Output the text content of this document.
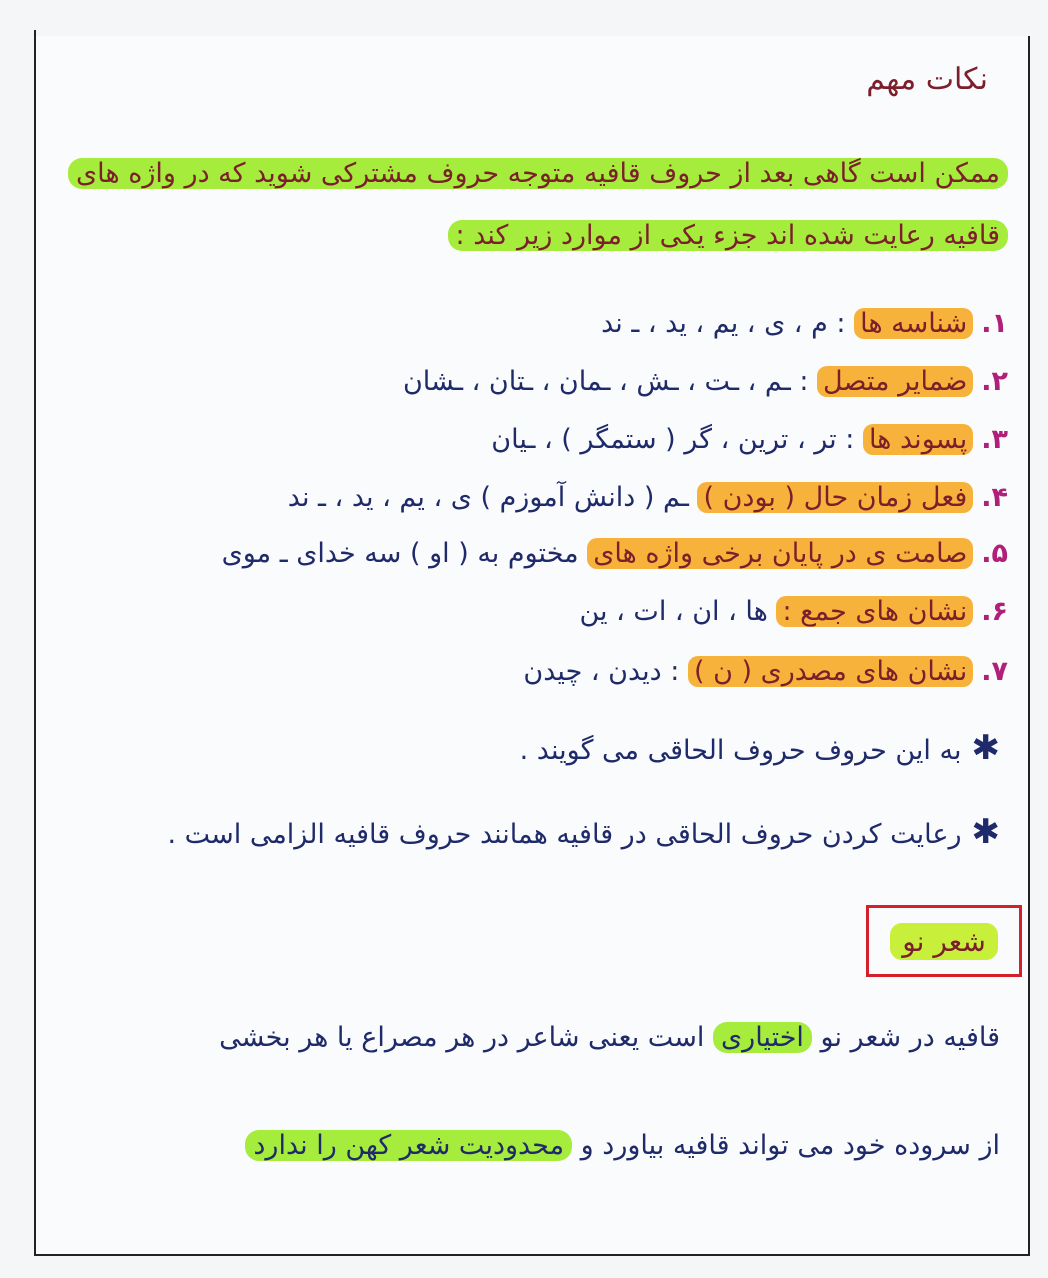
نکات مهم
ممکن است گاهی بعد از حروف قافیه متوجه حروف مشترکی شوید که در واژه های
قافیه رعایت شده اند جزء یکی از موارد زیر کند :
۱.شناسه ها : م ، ی ، یم ، ید ، ـ ند
۲.ضمایر متصل : ـم ، ـت ، ـش ، ـمان ، ـتان ، ـشان
۳.پسوند ها : تر ، ترین ، گر ( ستمگر ) ، ـیان
۴.فعل زمان حال ( بودن ) ـم ( دانش آموزم ) ی ، یم ، ید ، ـ ند
۵.صامت ی در پایان برخی واژه های مختوم به ( او ) سه خدای ـ موی
۶.نشان های جمع : ها ، ان ، ات ، ین
۷.نشان های مصدری ( ن ) : دیدن ، چیدن
✱به این حروف حروف الحاقی می گویند .
✱رعایت کردن حروف الحاقی در قافیه همانند حروف قافیه الزامی است .
شعر نو
قافیه در شعر نو اختیاری است یعنی شاعر در هر مصراع یا هر بخشی
از سروده خود می تواند قافیه بیاورد و محدودیت شعر کهن را ندارد
